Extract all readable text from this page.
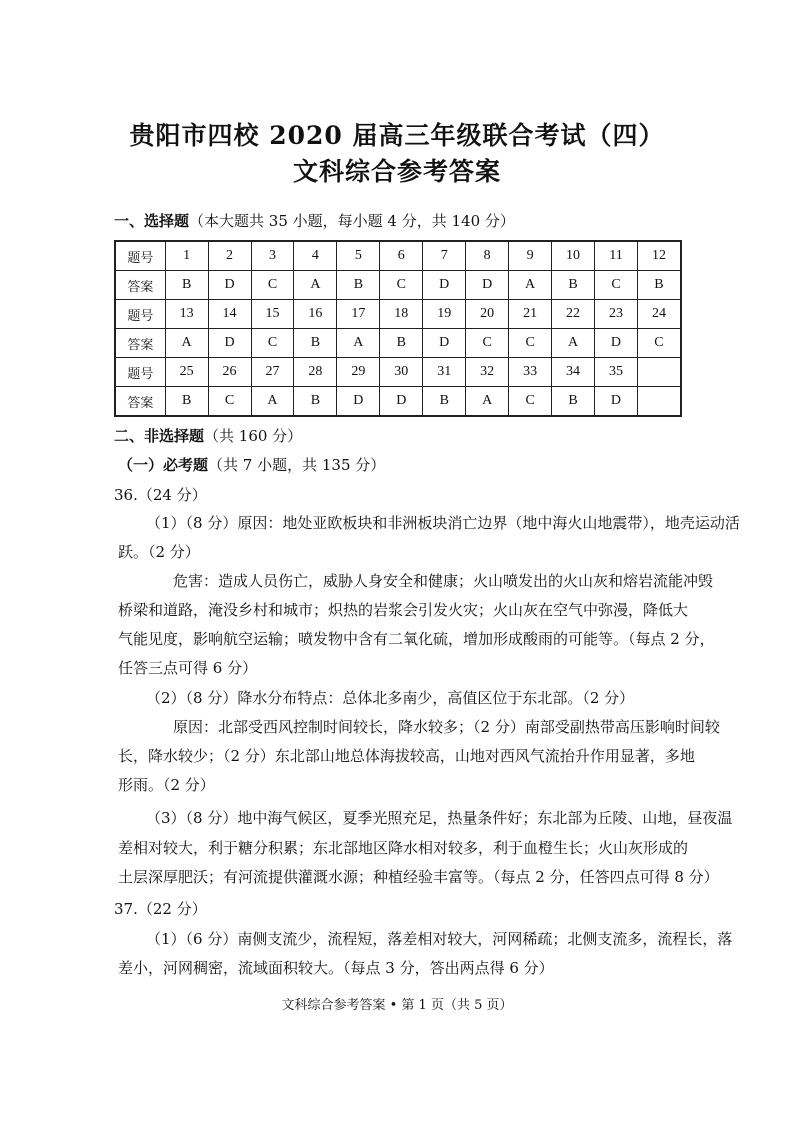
贵阳市四校 2020 届高三年级联合考试（四）
文科综合参考答案
一、选择题（本大题共 35 小题，每小题 4 分，共 140 分）
题号	1	2	3	4	5	6	7	8	9	10	11	12
答案	B	D	C	A	B	C	D	D	A	B	C	B
题号	13	14	15	16	17	18	19	20	21	22	23	24
答案	A	D	C	B	A	B	D	C	C	A	D	C
题号	25	26	27	28	29	30	31	32	33	34	35	
答案	B	C	A	B	D	D	B	A	C	B	D	
二、非选择题（共 160 分）
（一）必考题（共 7 小题，共 135 分）
36.（24 分）
（1）（8 分）原因：地处亚欧板块和非洲板块消亡边界（地中海火山地震带），地壳运动活
跃。（2 分）
危害：造成人员伤亡，威胁人身安全和健康；火山喷发出的火山灰和熔岩流能冲毁
桥梁和道路，淹没乡村和城市；炽热的岩浆会引发火灾；火山灰在空气中弥漫，降低大
气能见度，影响航空运输；喷发物中含有二氧化硫，增加形成酸雨的可能等。（每点 2 分，
任答三点可得 6 分）
（2）（8 分）降水分布特点：总体北多南少，高值区位于东北部。（2 分）
原因：北部受西风控制时间较长，降水较多；（2 分）南部受副热带高压影响时间较
长，降水较少；（2 分）东北部山地总体海拔较高，山地对西风气流抬升作用显著，多地
形雨。（2 分）
（3）（8 分）地中海气候区，夏季光照充足，热量条件好；东北部为丘陵、山地，昼夜温
差相对较大，利于糖分积累；东北部地区降水相对较多，利于血橙生长；火山灰形成的
土层深厚肥沃；有河流提供灌溉水源；种植经验丰富等。（每点 2 分，任答四点可得 8 分）
37.（22 分）
（1）（6 分）南侧支流少，流程短，落差相对较大，河网稀疏；北侧支流多，流程长，落
差小，河网稠密，流域面积较大。（每点 3 分，答出两点得 6 分）
文科综合参考答案 • 第 1 页（共 5 页）
